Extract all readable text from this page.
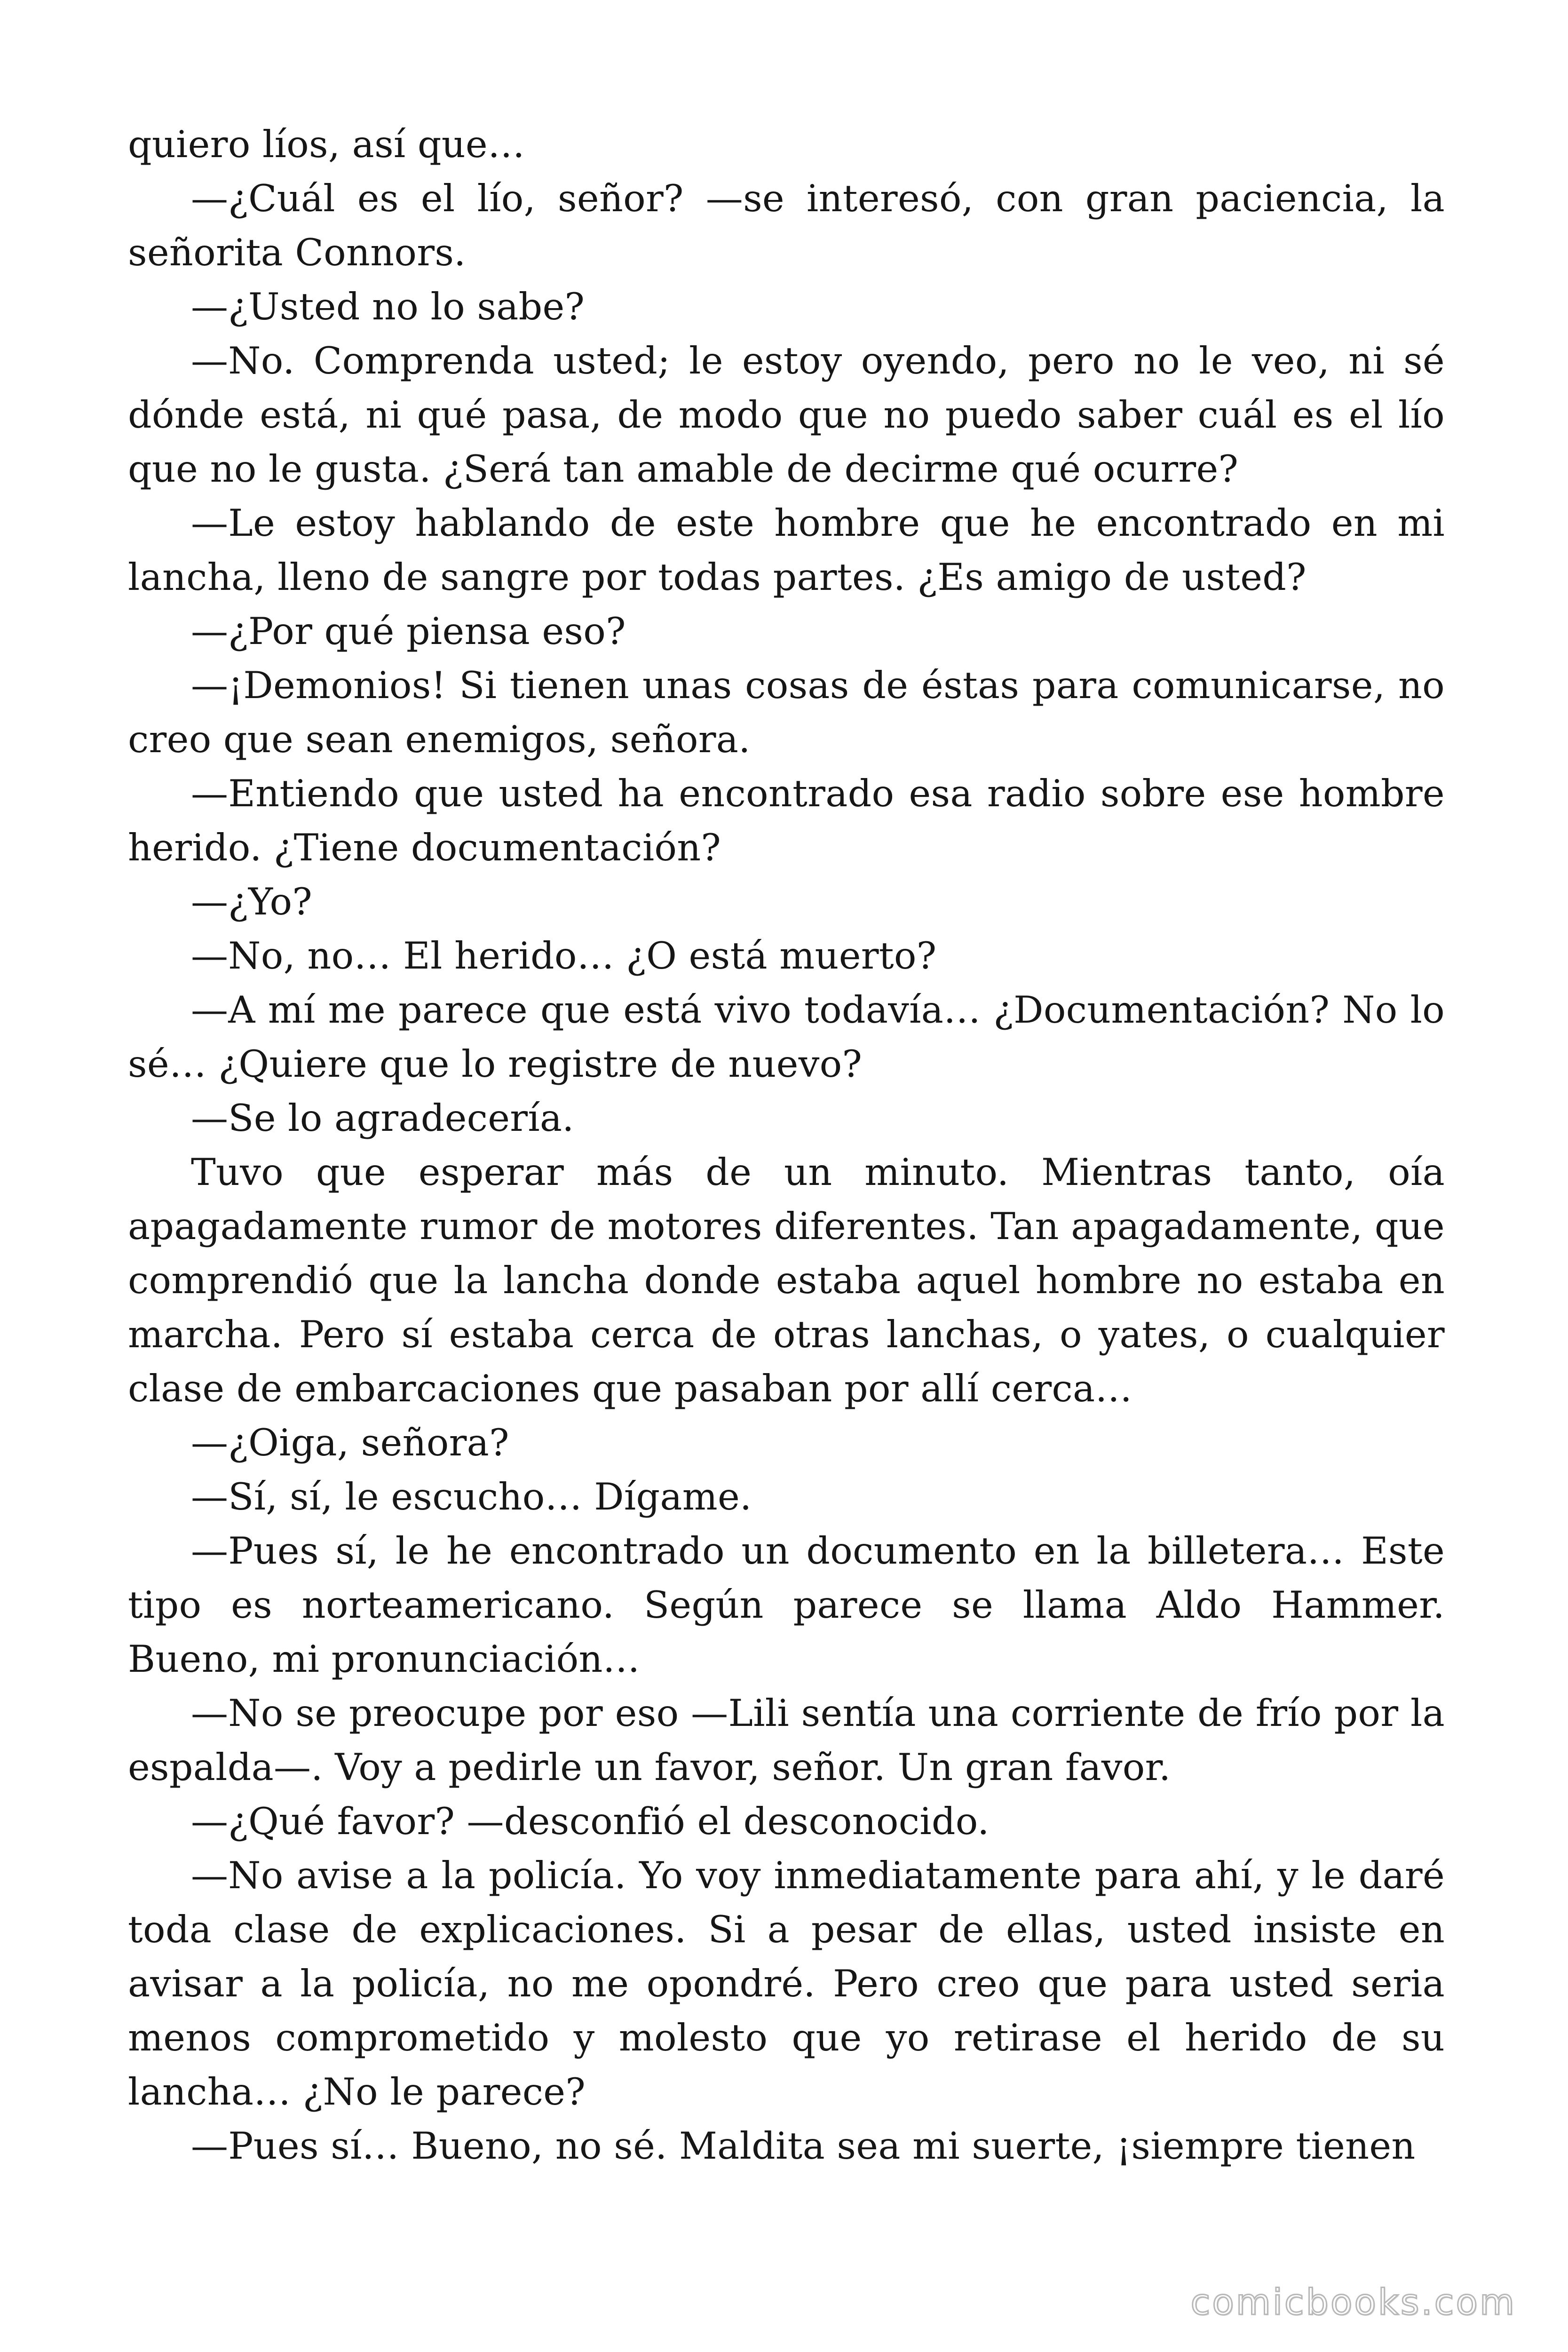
quiero líos, así que…

—¿Cuál es el lío, señor? —se interesó, con gran paciencia, la señorita Connors.

—¿Usted no lo sabe?

—No. Comprenda usted; le estoy oyendo, pero no le veo, ni sé dónde está, ni qué pasa, de modo que no puedo saber cuál es el lío que no le gusta. ¿Será tan amable de decirme qué ocurre?

—Le estoy hablando de este hombre que he encontrado en mi lancha, lleno de sangre por todas partes. ¿Es amigo de usted?

—¿Por qué piensa eso?

—¡Demonios! Si tienen unas cosas de éstas para comunicarse, no creo que sean enemigos, señora.

—Entiendo que usted ha encontrado esa radio sobre ese hombre herido. ¿Tiene documentación?

—¿Yo?

—No, no… El herido… ¿O está muerto?

—A mí me parece que está vivo todavía… ¿Documentación? No lo sé… ¿Quiere que lo registre de nuevo?

—Se lo agradecería.

Tuvo que esperar más de un minuto. Mientras tanto, oía apagadamente rumor de motores diferentes. Tan apagadamente, que comprendió que la lancha donde estaba aquel hombre no estaba en marcha. Pero sí estaba cerca de otras lanchas, o yates, o cualquier clase de embarcaciones que pasaban por allí cerca…

—¿Oiga, señora?

—Sí, sí, le escucho… Dígame.

—Pues sí, le he encontrado un documento en la billetera… Este tipo es norteamericano. Según parece se llama Aldo Hammer. Bueno, mi pronunciación…

—No se preocupe por eso —Lili sentía una corriente de frío por la espalda—. Voy a pedirle un favor, señor. Un gran favor.

—¿Qué favor? —desconfió el desconocido.

—No avise a la policía. Yo voy inmediatamente para ahí, y le daré toda clase de explicaciones. Si a pesar de ellas, usted insiste en avisar a la policía, no me opondré. Pero creo que para usted seria menos comprometido y molesto que yo retirase el herido de su lancha… ¿No le parece?

—Pues sí… Bueno, no sé. Maldita sea mi suerte, ¡siempre tienen

comicbooks.com
